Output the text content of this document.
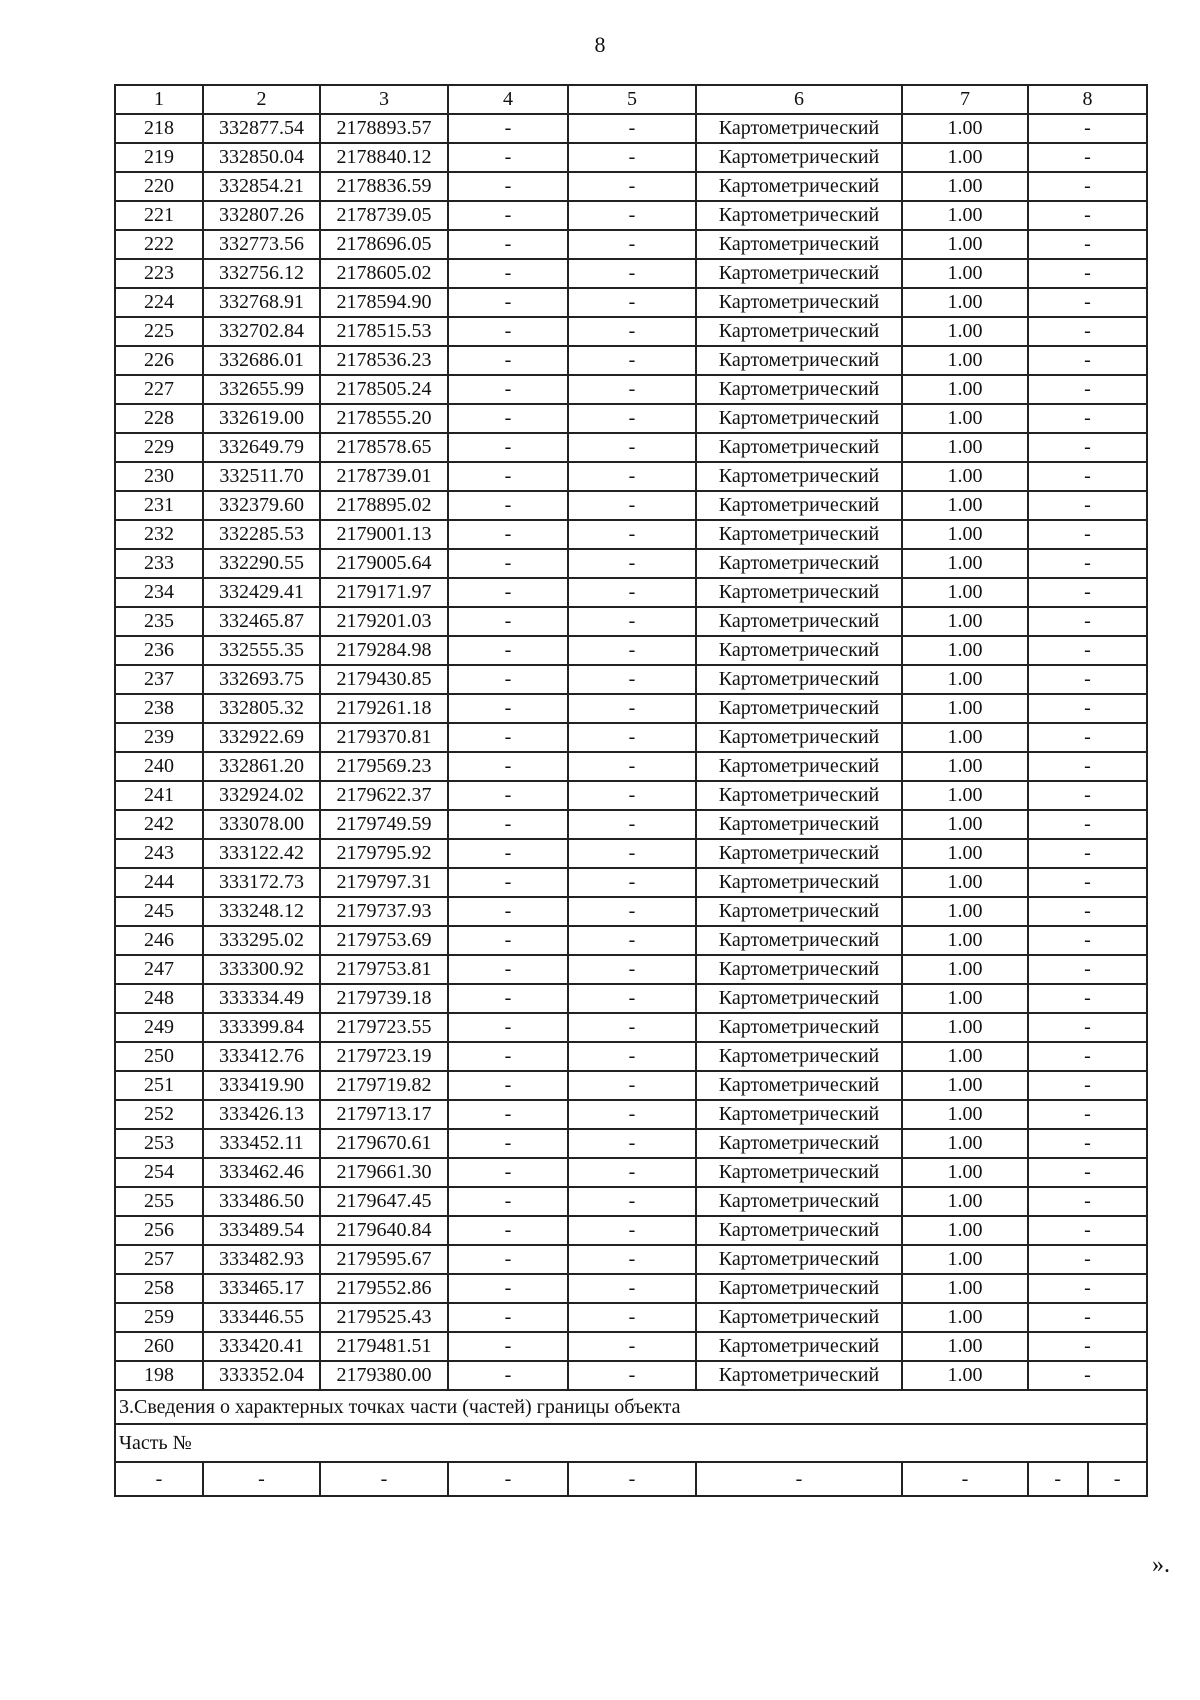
8
1	2	3	4	5	6	7	8
218	332877.54	2178893.57	-	-	Картометрический	1.00	-
219	332850.04	2178840.12	-	-	Картометрический	1.00	-
220	332854.21	2178836.59	-	-	Картометрический	1.00	-
221	332807.26	2178739.05	-	-	Картометрический	1.00	-
222	332773.56	2178696.05	-	-	Картометрический	1.00	-
223	332756.12	2178605.02	-	-	Картометрический	1.00	-
224	332768.91	2178594.90	-	-	Картометрический	1.00	-
225	332702.84	2178515.53	-	-	Картометрический	1.00	-
226	332686.01	2178536.23	-	-	Картометрический	1.00	-
227	332655.99	2178505.24	-	-	Картометрический	1.00	-
228	332619.00	2178555.20	-	-	Картометрический	1.00	-
229	332649.79	2178578.65	-	-	Картометрический	1.00	-
230	332511.70	2178739.01	-	-	Картометрический	1.00	-
231	332379.60	2178895.02	-	-	Картометрический	1.00	-
232	332285.53	2179001.13	-	-	Картометрический	1.00	-
233	332290.55	2179005.64	-	-	Картометрический	1.00	-
234	332429.41	2179171.97	-	-	Картометрический	1.00	-
235	332465.87	2179201.03	-	-	Картометрический	1.00	-
236	332555.35	2179284.98	-	-	Картометрический	1.00	-
237	332693.75	2179430.85	-	-	Картометрический	1.00	-
238	332805.32	2179261.18	-	-	Картометрический	1.00	-
239	332922.69	2179370.81	-	-	Картометрический	1.00	-
240	332861.20	2179569.23	-	-	Картометрический	1.00	-
241	332924.02	2179622.37	-	-	Картометрический	1.00	-
242	333078.00	2179749.59	-	-	Картометрический	1.00	-
243	333122.42	2179795.92	-	-	Картометрический	1.00	-
244	333172.73	2179797.31	-	-	Картометрический	1.00	-
245	333248.12	2179737.93	-	-	Картометрический	1.00	-
246	333295.02	2179753.69	-	-	Картометрический	1.00	-
247	333300.92	2179753.81	-	-	Картометрический	1.00	-
248	333334.49	2179739.18	-	-	Картометрический	1.00	-
249	333399.84	2179723.55	-	-	Картометрический	1.00	-
250	333412.76	2179723.19	-	-	Картометрический	1.00	-
251	333419.90	2179719.82	-	-	Картометрический	1.00	-
252	333426.13	2179713.17	-	-	Картометрический	1.00	-
253	333452.11	2179670.61	-	-	Картометрический	1.00	-
254	333462.46	2179661.30	-	-	Картометрический	1.00	-
255	333486.50	2179647.45	-	-	Картометрический	1.00	-
256	333489.54	2179640.84	-	-	Картометрический	1.00	-
257	333482.93	2179595.67	-	-	Картометрический	1.00	-
258	333465.17	2179552.86	-	-	Картометрический	1.00	-
259	333446.55	2179525.43	-	-	Картометрический	1.00	-
260	333420.41	2179481.51	-	-	Картометрический	1.00	-
198	333352.04	2179380.00	-	-	Картометрический	1.00	-
3.Сведения о характерных точках части (частей) границы объекта							
Часть №							
-	-	-	-	-	-	-	- -
».
